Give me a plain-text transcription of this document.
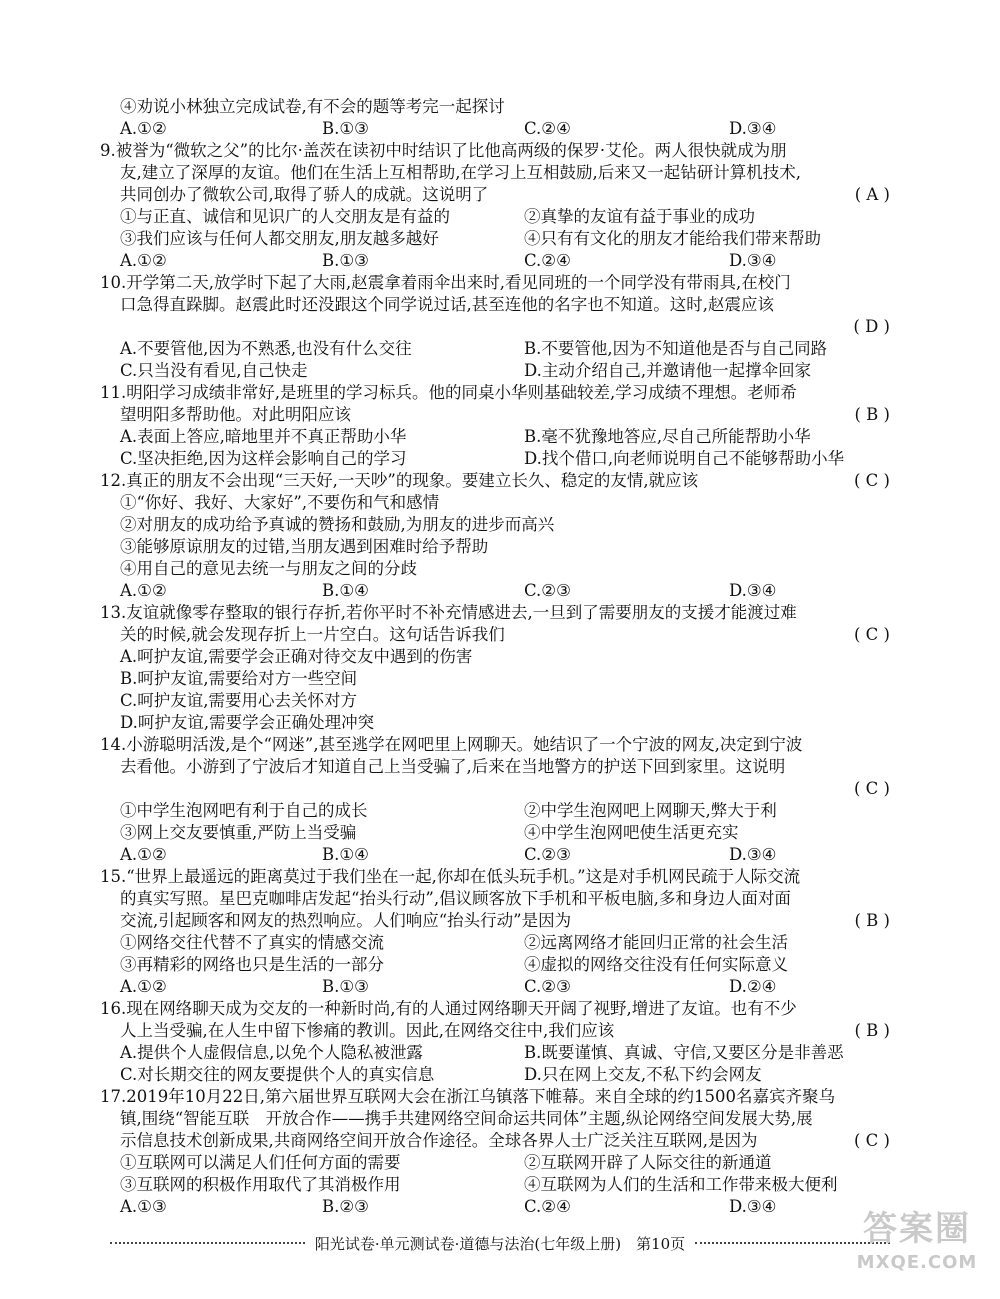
④劝说小林独立完成试卷,有不会的题等考完一起探讨
A.①②	B.①③	C.②④	D.③④
9.被誉为“微软之父”的比尔·盖茨在读初中时结识了比他高两级的保罗·艾伦。两人很快就成为朋
友,建立了深厚的友谊。他们在生活上互相帮助,在学习上互相鼓励,后来又一起钻研计算机技术,
共同创办了微软公司,取得了骄人的成就。这说明了	( A )
①与正直、诚信和见识广的人交朋友是有益的	②真挚的友谊有益于事业的成功
③我们应该与任何人都交朋友,朋友越多越好	④只有有文化的朋友才能给我们带来帮助
A.①②	B.①③	C.②④	D.③④
10.开学第二天,放学时下起了大雨,赵震拿着雨伞出来时,看见同班的一个同学没有带雨具,在校门
口急得直跺脚。赵震此时还没跟这个同学说过话,甚至连他的名字也不知道。这时,赵震应该
( D )
A.不要管他,因为不熟悉,也没有什么交往	B.不要管他,因为不知道他是否与自己同路
C.只当没有看见,自己快走	D.主动介绍自己,并邀请他一起撑伞回家
11.明阳学习成绩非常好,是班里的学习标兵。他的同桌小华则基础较差,学习成绩不理想。老师希
望明阳多帮助他。对此明阳应该	( B )
A.表面上答应,暗地里并不真正帮助小华	B.毫不犹豫地答应,尽自己所能帮助小华
C.坚决拒绝,因为这样会影响自己的学习	D.找个借口,向老师说明自己不能够帮助小华
12.真正的朋友不会出现“三天好,一天吵”的现象。要建立长久、稳定的友情,就应该	( C )
①“你好、我好、大家好”,不要伤和气和感情
②对朋友的成功给予真诚的赞扬和鼓励,为朋友的进步而高兴
③能够原谅朋友的过错,当朋友遇到困难时给予帮助
④用自己的意见去统一与朋友之间的分歧
A.①②	B.①④	C.②③	D.③④
13.友谊就像零存整取的银行存折,若你平时不补充情感进去,一旦到了需要朋友的支援才能渡过难
关的时候,就会发现存折上一片空白。这句话告诉我们	( C )
A.呵护友谊,需要学会正确对待交友中遇到的伤害
B.呵护友谊,需要给对方一些空间
C.呵护友谊,需要用心去关怀对方
D.呵护友谊,需要学会正确处理冲突
14.小游聪明活泼,是个“网迷”,甚至逃学在网吧里上网聊天。她结识了一个宁波的网友,决定到宁波
去看他。小游到了宁波后才知道自己上当受骗了,后来在当地警方的护送下回到家里。这说明
( C )
①中学生泡网吧有利于自己的成长	②中学生泡网吧上网聊天,弊大于利
③网上交友要慎重,严防上当受骗	④中学生泡网吧使生活更充实
A.①②	B.①④	C.②③	D.③④
15.“世界上最遥远的距离莫过于我们坐在一起,你却在低头玩手机。”这是对手机网民疏于人际交流
的真实写照。星巴克咖啡店发起“抬头行动”,倡议顾客放下手机和平板电脑,多和身边人面对面
交流,引起顾客和网友的热烈响应。人们响应“抬头行动”是因为	( B )
①网络交往代替不了真实的情感交流	②远离网络才能回归正常的社会生活
③再精彩的网络也只是生活的一部分	④虚拟的网络交往没有任何实际意义
A.①②	B.①③	C.②③	D.②④
16.现在网络聊天成为交友的一种新时尚,有的人通过网络聊天开阔了视野,增进了友谊。也有不少
人上当受骗,在人生中留下惨痛的教训。因此,在网络交往中,我们应该	( B )
A.提供个人虚假信息,以免个人隐私被泄露	B.既要谨慎、真诚、守信,又要区分是非善恶
C.对长期交往的网友要提供个人的真实信息	D.只在网上交友,不私下约会网友
17.2019年10月22日,第六届世界互联网大会在浙江乌镇落下帷幕。来自全球的约1500名嘉宾齐聚乌
镇,围绕“智能互联　开放合作——携手共建网络空间命运共同体”主题,纵论网络空间发展大势,展
示信息技术创新成果,共商网络空间开放合作途径。全球各界人士广泛关注互联网,是因为	( C )
①互联网可以满足人们任何方面的需要	②互联网开辟了人际交往的新通道
③互联网的积极作用取代了其消极作用	④互联网为人们的生活和工作带来极大便利
A.①③	B.②③	C.②④	D.③④
阳光试卷·单元测试卷·道德与法治(七年级上册)　第10页	答案圈
MXQE.COM
